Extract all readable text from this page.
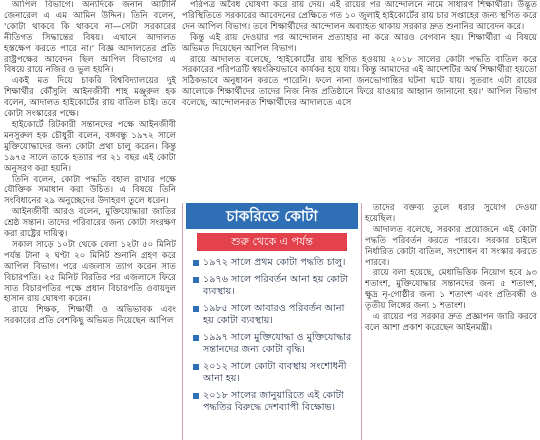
আপিল বিভাগে। অন্যদিকে জনান আর্টার্নি জেনারেল এ এম আমিন উদ্দিন। তিনি বলেন, 'কোটা থাকবে কি থাকবে না—সেটা সরকারের নীতিগত সিদ্ধান্তের বিষয়। এখানে আদালত হস্তক্ষেপ করতে পারে না।' বিজ্ঞ আদালতের প্রতি রাষ্ট্রপক্ষের আবেদন ছিল আপিল বিভাগের এ বিষয়ে রায়ে নজির ও ভুল হয়নি।

একই মত দিয়ে চাকরি বিশ্ববিদ্যালয়ের দুই শিক্ষার্থীর কৌঁসুলি আইনজীবী শাহ মঞ্জুরুল হক বলেন, আদালত হাইকোর্টের রায় বাতিল চাই। তবে কোটা সংস্কারের পক্ষে।

হাইকোর্টে রিটকারী সন্তানদের পক্ষে আইনজীবী মনসুরুল হক চৌধুরী বলেন, বঙ্গবন্ধু ১৯৭২ সালে মুক্তিযোদ্ধাদের জন্য কোটা প্রথা চালু করেন। কিন্তু ১৯৭৫ সালে তাকে হত্যার পর ২১ বছর এই কোটা অনুসরণ করা হয়নি।

তিনি বলেন, কোটা পদ্ধতি বহাল রাখার পক্ষে যৌক্তিক সমাধান করা উচিত। এ বিষয়ে তিনি সংবিধানের ২৯ অনুচ্ছেদের উদাহরণ তুলে ধরেন।

আইনজীবী আরও বলেন, মুক্তিযোদ্ধারা জাতির শ্রেষ্ঠ সন্তান। তাদের পরিবারের জন্য কোটা সংরক্ষণ করা রাষ্ট্রের দায়িত্ব।

সকাল সাড়ে ১০টা থেকে বেলা ১২টা ৫০ মিনিট পর্যন্ত টানা ২ ঘণ্টা ২০ মিনিট শুনানি গ্রহণ করে আপিল বিভাগ। পরে এজলাস ত্যাগ করেন সাত বিচারপতি। ২৫ মিনিট বিরতির পর এজলাসে ফিরে সাত বিচারপতির পক্ষে প্রধান বিচারপতি ওবায়দুল হাসান রায় ঘোষণা করেন।

রায়ে শিক্ষক, শিক্ষার্থী ও অভিভাবক এবং সরকারের প্রতি বেশকিছু অভিমত দিয়েছেন আপিল

পরিপত্র অবৈধ ঘোষণা করে রায় দেয়। এই রায়ের পর আন্দোলনে নামে সাধারণ শিক্ষার্থীরা। উদ্ভূত পরিস্থিতিতে সরকারের আবেদনের প্রেক্ষিতে গত ১০ জুলাই হাইকোর্টের রায় চার সপ্তাহের জন্য স্থগিত করে দেন আপিল বিভাগ। তবে শিক্ষার্থীদের আন্দোলন অব্যাহত থাকায় সরকার দ্রুত শুনানির আবেদন করে।

কিন্তু এই রায় দেওয়ার পর আন্দোলন প্রত্যাহার না করে আরও বেগবান হয়। শিক্ষার্থীরা এ বিষয়ে অভিমত দিয়েছেন আপিল বিভাগ।

রায়ে আদালত বলেছে, 'হাইকোর্টের রায় স্থগিত হওয়ায় ২০১৮ সালের কোটা পদ্ধতি বাতিল করে সরকারের পরিপত্রটি স্বয়ংক্রিয়ভাবে কার্যকর হয়ে যায়। কিন্তু আমাদের এই আদেশটির অর্থ শিক্ষার্থীরা হয়তো সঠিকভাবে অনুধাবন করতে পারেনি। ফলে নানা জনভোগান্তির ঘটনা ঘটে যায়। সুতরাং এটা রায়ের আলোকে শিক্ষার্থীদের তাদের নিজ নিজ প্রতিষ্ঠানে ফিরে যাওয়ার আহ্বান জানানো হয়।' আপিল বিভাগ বলেছে, আন্দোলনরত শিক্ষার্থীদের আদালতে এসে

চাকরিতে কোটা
শুরু থেকে এ পর্যন্ত
১৯৭২ সালে প্রথম কোটা পদ্ধতি চালু।
১৯৭৬ সালে পরিবর্তন আনা হয় কোটা ব্যবস্থায়।
১৯৮৫ সালে আবারও পরিবর্তন আনা হয় কোটা ব্যবস্থায়।
১৯৯৭ সালে মুক্তিযোদ্ধা ও মুক্তিযোদ্ধার সন্তানদের জন্য কোটা বৃদ্ধি।
২০১২ সালে কোটা ব্যবস্থায় সংশোধনী আনা হয়।
২০১৮ সালের জানুয়ারিতে এই কোটা পদ্ধতির বিরুদ্ধে দেশব্যাপী বিক্ষোভ।

তাদের বক্তব্য তুলে ধরার সুযোগ দেওয়া হয়েছিল।

আদালত বলেছে, সরকার প্রয়োজনে এই কোটা পদ্ধতি পরিবর্তন করতে পারবে। সরকার চাইলে নির্ধারিত কোটা বাতিল, সংশোধন বা সংস্কার করতে পারবে।

রায়ে বলা হয়েছে, মেধাভিত্তিক নিয়োগ হবে ৯৩ শতাংশ, মুক্তিযোদ্ধার সন্তানদের জন্য ৫ শতাংশ, ক্ষুদ্র নৃ-গোষ্ঠীর জন্য ১ শতাংশ এবং প্রতিবন্ধী ও তৃতীয় লিঙ্গের জন্য ১ শতাংশ।

এ রায়ের পর সরকার দ্রুত প্রজ্ঞাপন জারি করবে বলে আশা প্রকাশ করেছেন আইনমন্ত্রী।
